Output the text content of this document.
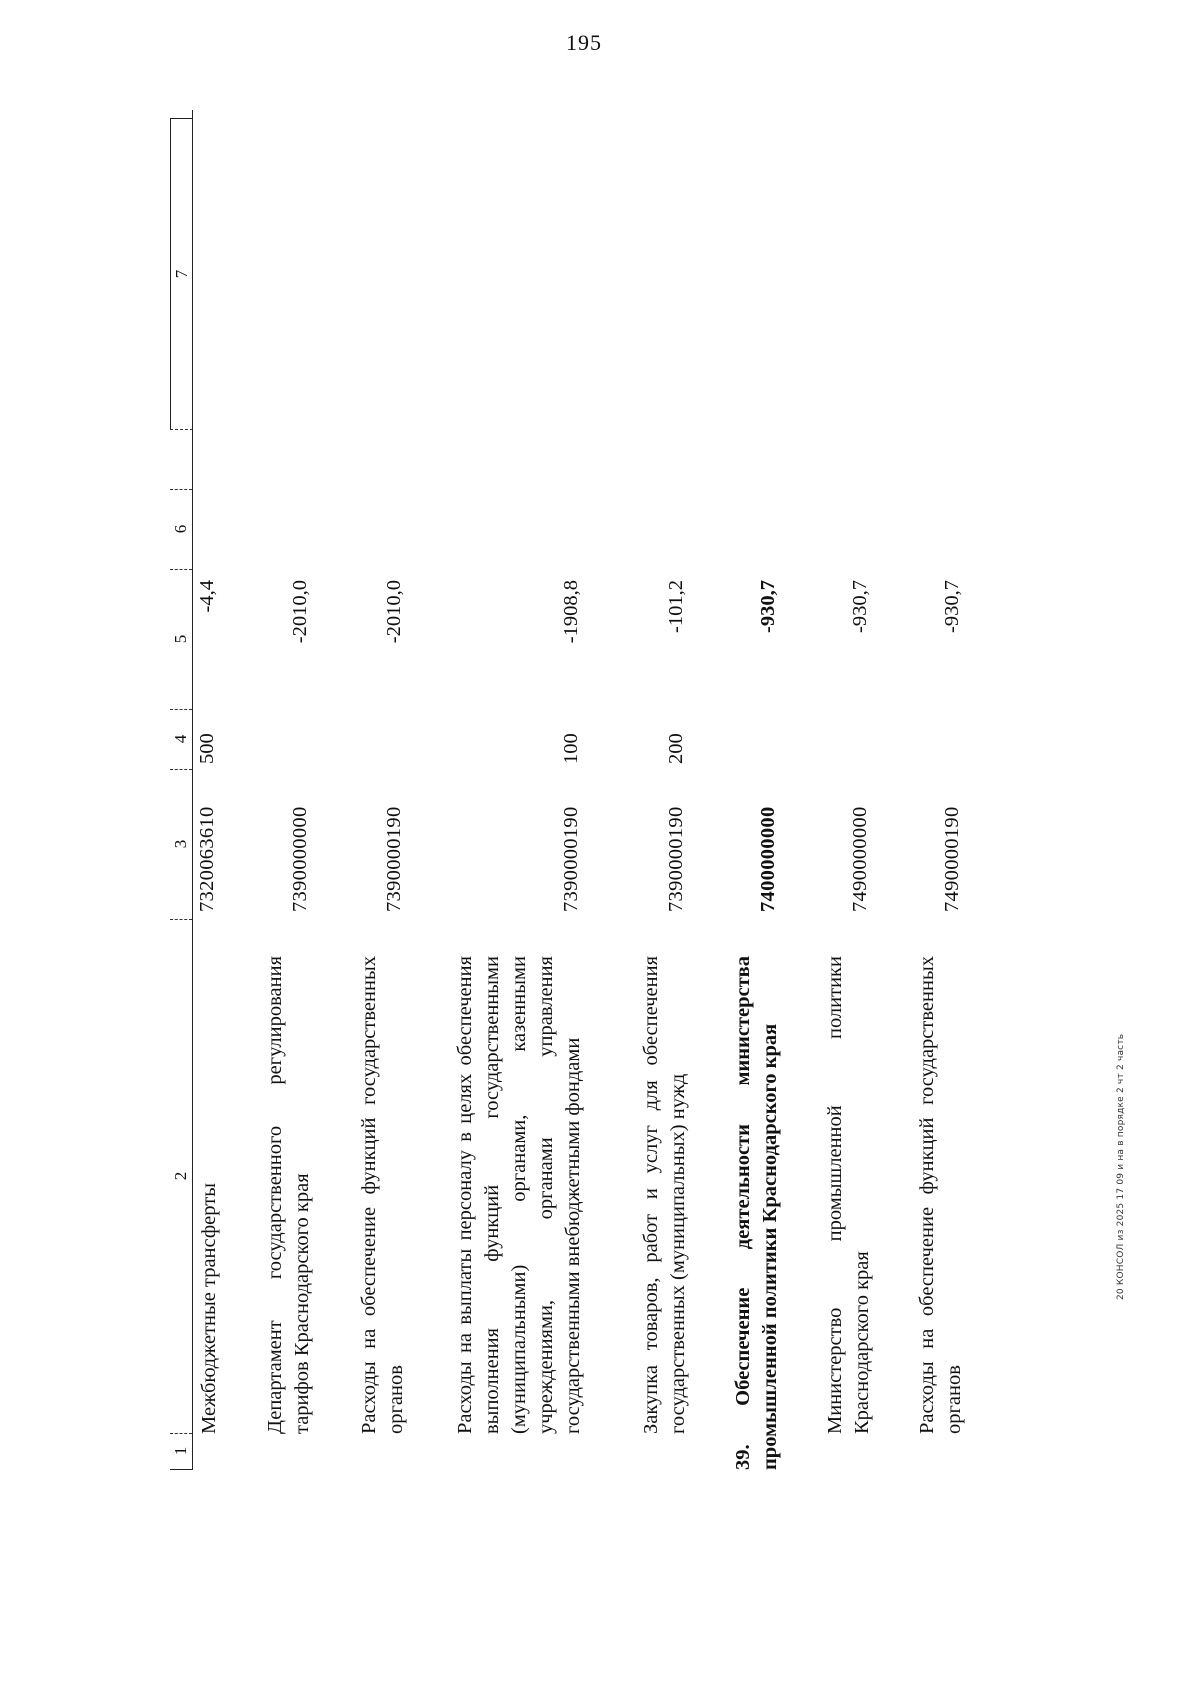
195
1
2
3
4
5
6
7
Межбюджетные трансферты
7320063610
500
-4,4
Департамент государственного регулирования тарифов Краснодарского края
7390000000
-2010,0
Расходы на обеспечение функций государственных органов
7390000190
-2010,0
Расходы на выплаты персоналу в целях обеспечения выполнения функций государственными (муниципальными) органами, казенными учреждениями, органами управления государственными внебюджетными фондами
7390000190
100
-1908,8
Закупка товаров, работ и услуг для обеспечения государственных (муниципальных) нужд
7390000190
200
-101,2
39. Обеспечение деятельности министерства промышленной политики Краснодарского края
7400000000
-930,7
Министерство промышленной политики Краснодарского края
7490000000
-930,7
Расходы на обеспечение функций государственных органов
7490000190
-930,7
20 КОНСОЛ из 2025 17 09 и на в порядке 2 чт 2 часть
